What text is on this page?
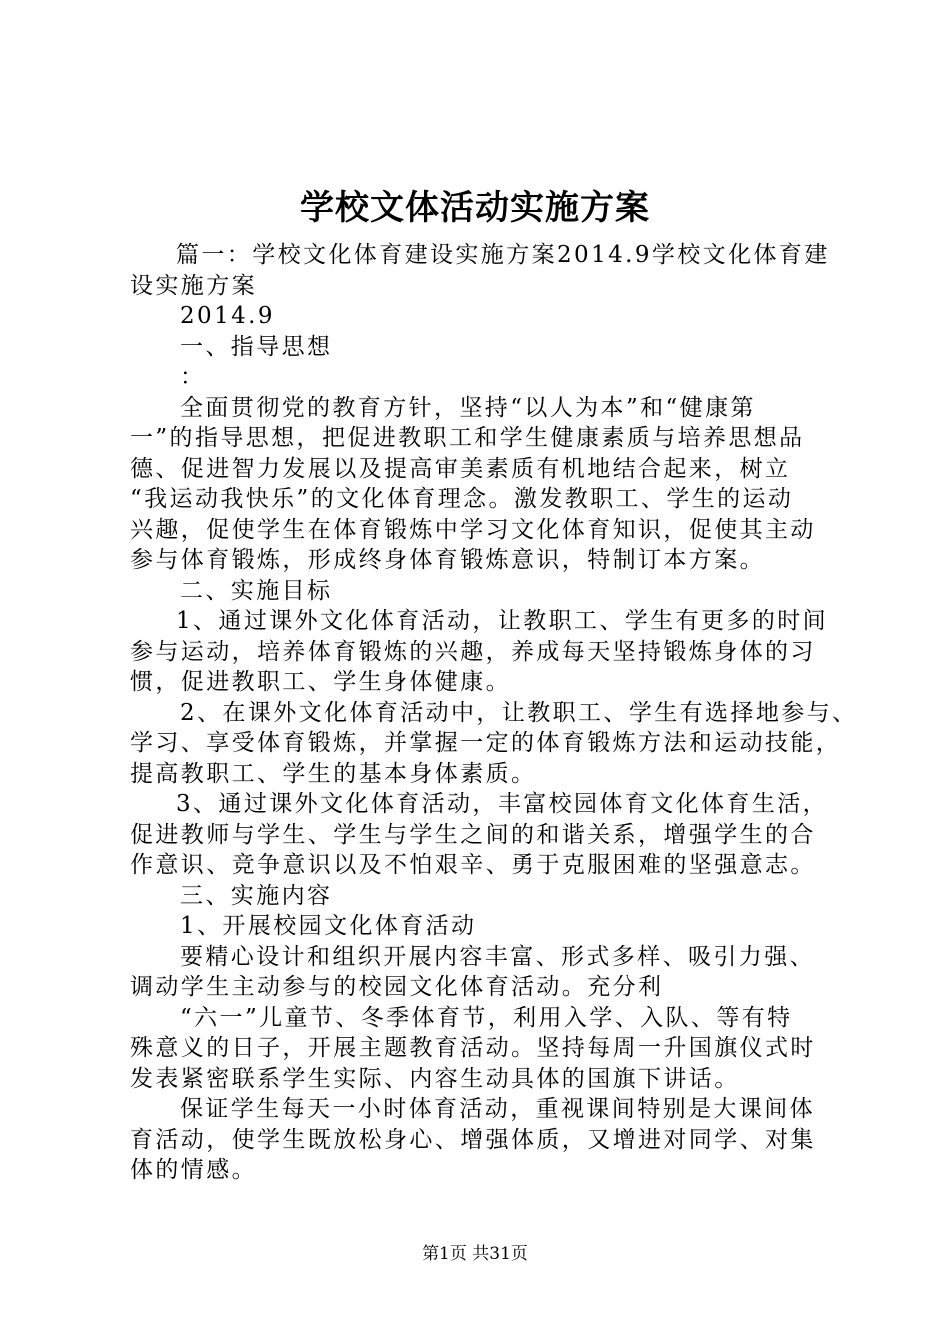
学校文体活动实施方案
篇一：学校文化体育建设实施方案2014.9学校文化体育建
设实施方案
2014.9
一、指导思想
：
全面贯彻党的教育方针，坚持“以人为本”和“健康第
一”的指导思想，把促进教职工和学生健康素质与培养思想品
德、促进智力发展以及提高审美素质有机地结合起来，树立
“我运动我快乐”的文化体育理念。激发教职工、学生的运动
兴趣，促使学生在体育锻炼中学习文化体育知识，促使其主动
参与体育锻炼，形成终身体育锻炼意识，特制订本方案。
二、实施目标
1、通过课外文化体育活动，让教职工、学生有更多的时间
参与运动，培养体育锻炼的兴趣，养成每天坚持锻炼身体的习
惯，促进教职工、学生身体健康。
2、在课外文化体育活动中，让教职工、学生有选择地参与、
学习、享受体育锻炼，并掌握一定的体育锻炼方法和运动技能，
提高教职工、学生的基本身体素质。
3、通过课外文化体育活动，丰富校园体育文化体育生活，
促进教师与学生、学生与学生之间的和谐关系，增强学生的合
作意识、竞争意识以及不怕艰辛、勇于克服困难的坚强意志。
三、实施内容
1、开展校园文化体育活动
要精心设计和组织开展内容丰富、形式多样、吸引力强、
调动学生主动参与的校园文化体育活动。充分利
“六一”儿童节、冬季体育节，利用入学、入队、等有特
殊意义的日子，开展主题教育活动。坚持每周一升国旗仪式时
发表紧密联系学生实际、内容生动具体的国旗下讲话。
保证学生每天一小时体育活动，重视课间特别是大课间体
育活动，使学生既放松身心、增强体质，又增进对同学、对集
体的情感。
第1页 共31页
